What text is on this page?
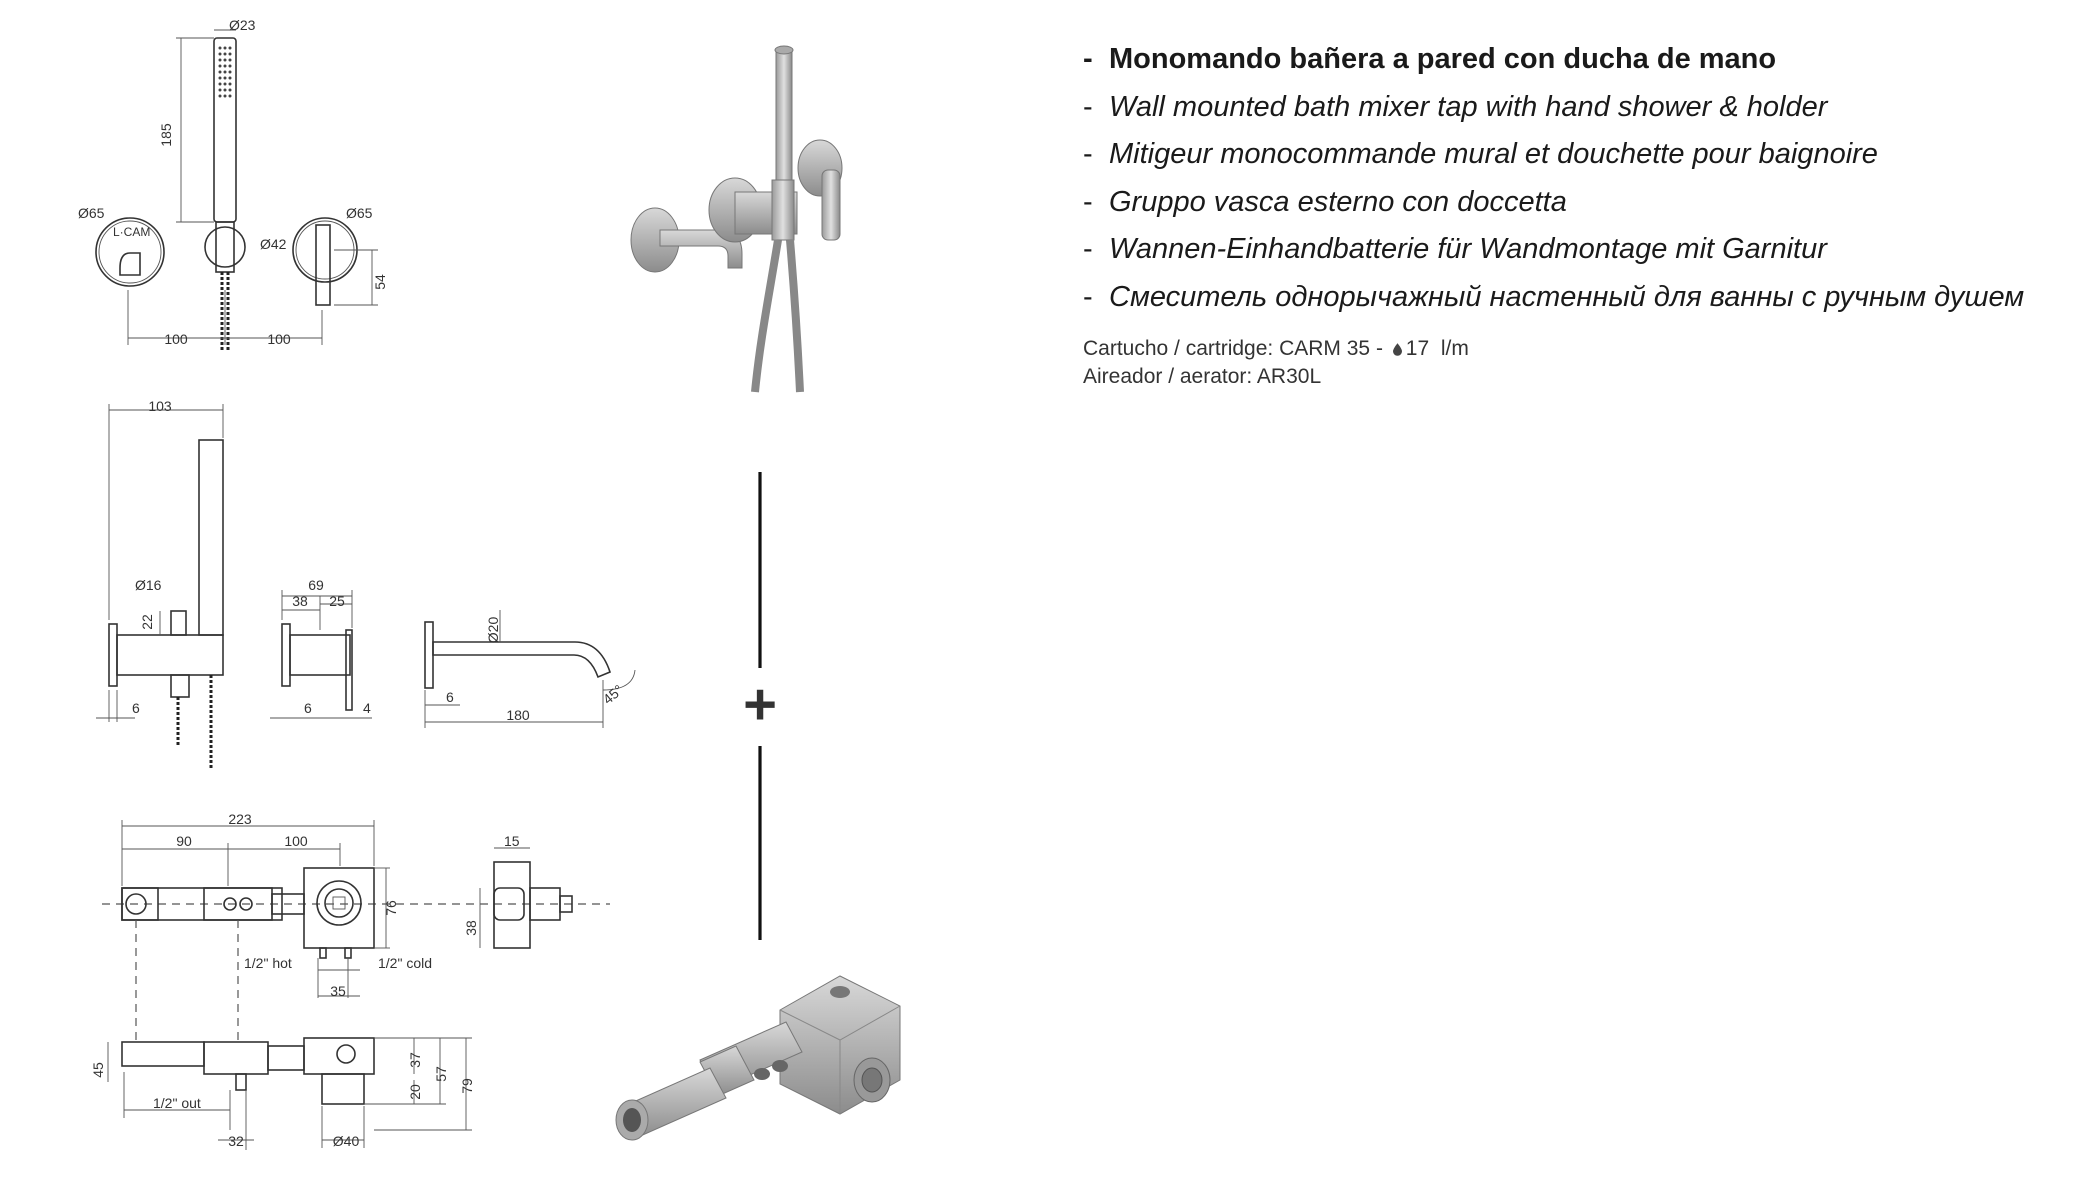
L·CAM
Ø23
185
Ø65	Ø65
Ø42
54
100	100
103
Ø16
22
6
69
38 25
6	4
Ø20
6
180
45°
223
90	100
76
1/2" hot	1/2" cold
35
15
38
45
1/2" out
32	Ø40
37
57
20	79
+
- Monomando bañera a pared con ducha de mano
- Wall mounted bath mixer tap with hand shower & holder
- Mitigeur monocommande mural et douchette pour baignoire
- Gruppo vasca esterno con doccetta
- Wannen-Einhandbatterie für Wandmontage mit Garnitur
- Смеситель однорычажный настенный для ванны с ручным душем
Cartucho / cartridge: CARM 35 - 17 l/m
Aireador / aerator: AR30L
